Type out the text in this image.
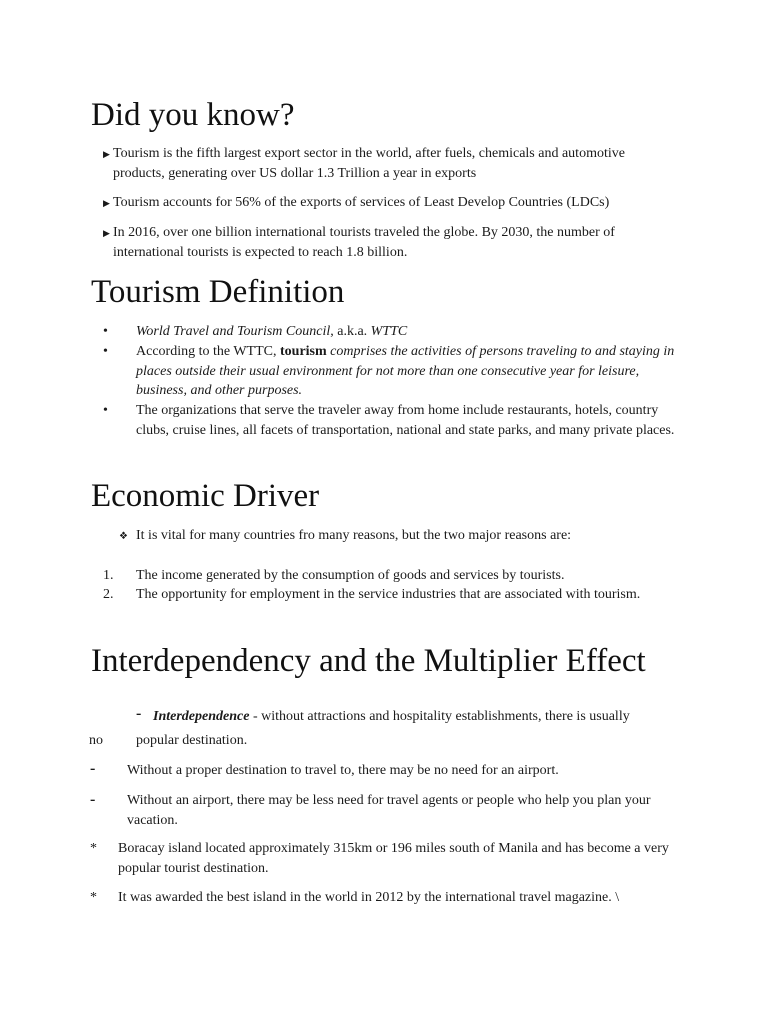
Did you know?
▶ Tourism is the fifth largest export sector in the world, after fuels, chemicals and automotive products, generating over US dollar 1.3 Trillion a year in exports
▶ Tourism accounts for 56% of the exports of services of Least Develop Countries (LDCs)
▶ In 2016, over one billion international tourists traveled the globe. By 2030, the number of international tourists is expected to reach 1.8 billion.
Tourism Definition
• World Travel and Tourism Council, a.k.a. WTTC
• According to the WTTC, tourism comprises the activities of persons traveling to and staying in places outside their usual environment for not more than one consecutive year for leisure, business, and other purposes.
• The organizations that serve the traveler away from home include restaurants, hotels, country clubs, cruise lines, all facets of transportation, national and state parks, and many private places.
Economic Driver
❖ It is vital for many countries fro many reasons, but the two major reasons are:
1. The income generated by the consumption of goods and services by tourists.
2. The opportunity for employment in the service industries that are associated with tourism.
Interdependency and the Multiplier Effect
- Interdependence - without attractions and hospitality establishments, there is usually
no popular destination.
- Without a proper destination to travel to, there may be no need for an airport.
- Without an airport, there may be less need for travel agents or people who help you plan your vacation.
* Boracay island located approximately 315km or 196 miles south of Manila and has become a very popular tourist destination.
* It was awarded the best island in the world in 2012 by the international travel magazine. \
